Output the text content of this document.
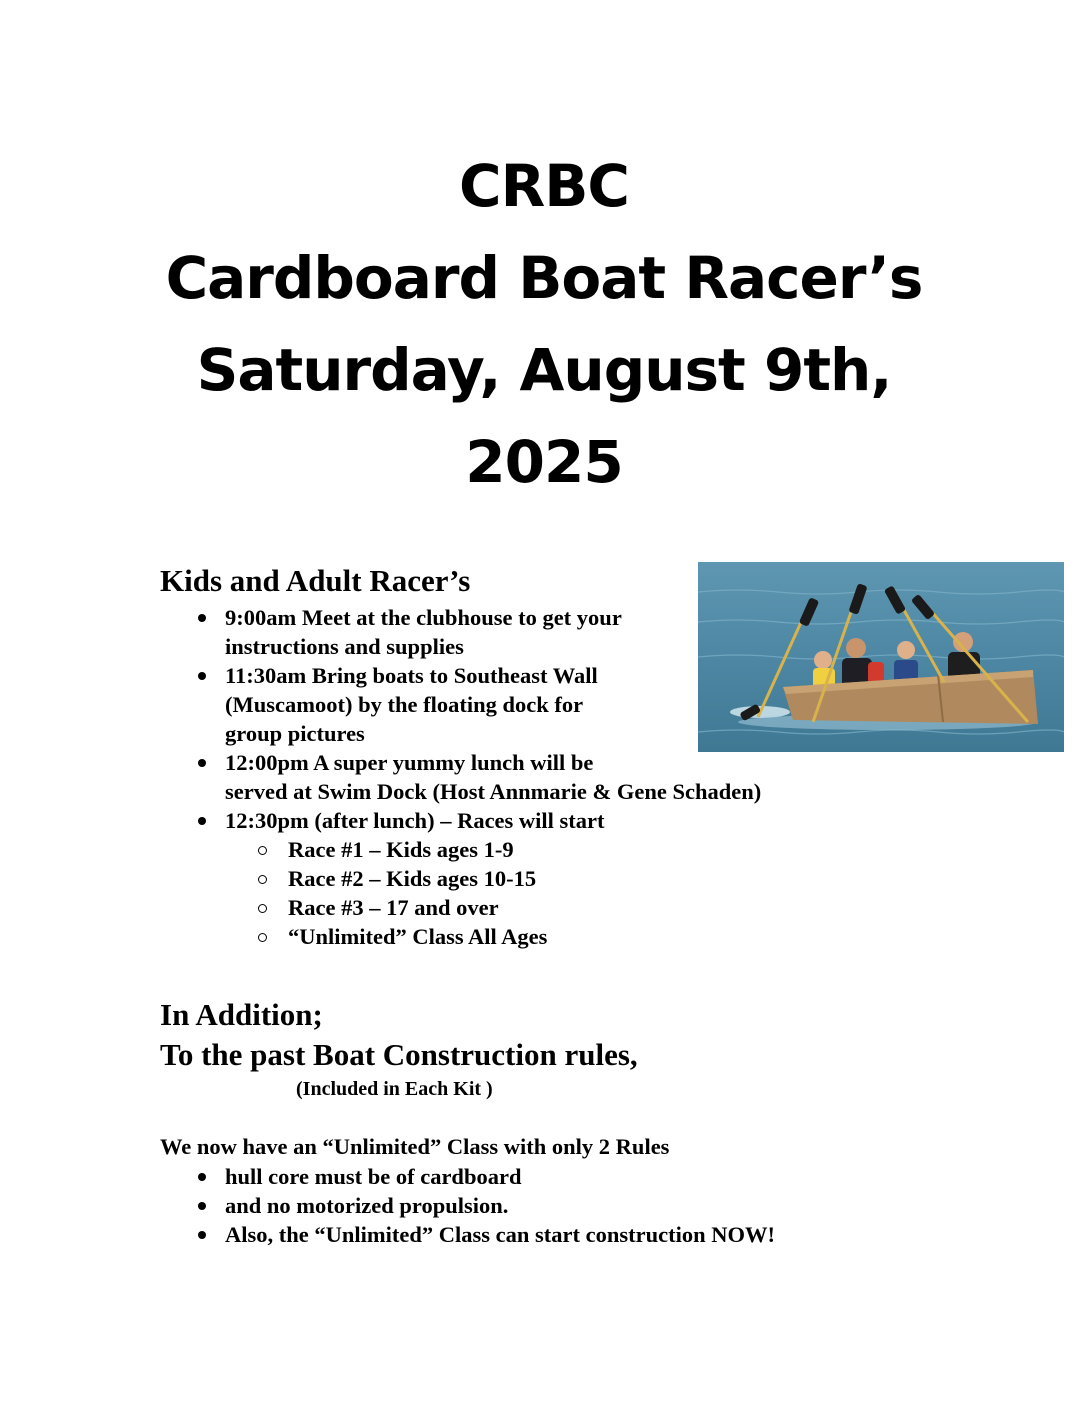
CRBC
Cardboard Boat Racer’s
Saturday, August 9th,
2025
Kids and Adult Racer’s
9:00am Meet at the clubhouse to get your
instructions and supplies
11:30am Bring boats to Southeast Wall
(Muscamoot) by the floating dock for
group pictures
12:00pm A super yummy lunch will be
served at Swim Dock (Host Annmarie & Gene Schaden)
12:30pm (after lunch) – Races will start
Race #1 – Kids ages 1-9
Race #2 – Kids ages 10-15
Race #3 – 17 and over
“Unlimited” Class All Ages
In Addition;
To the past Boat Construction rules,
(Included in Each Kit )
We now have an “Unlimited” Class with only 2 Rules
hull core must be of cardboard
and no motorized propulsion.
Also, the “Unlimited” Class can start construction NOW!
